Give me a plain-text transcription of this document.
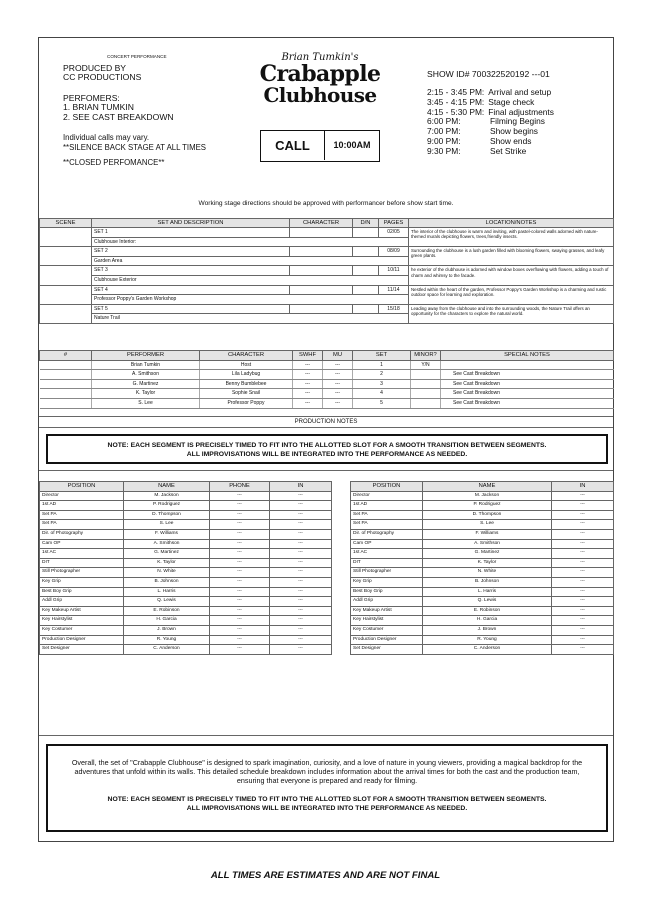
CONCERT PERFORMANCE
PRODUCED BY
CC PRODUCTIONS
PERFOMERS:
1. BRIAN TUMKIN
2. SEE CAST BREAKDOWN
Individual calls may vary.
**SILENCE BACK STAGE AT ALL TIMES
**CLOSED PERFOMANCE**
Brian Tumkin's
Crabapple
Clubhouse
CALL	10:00AM
SHOW ID# 700322520192 ---01
2:15 - 3:45 PM: Arrival and setup
3:45 - 4:15 PM: Stage check
4:15 - 5:30 PM: Final adjustments
6:00 PM:	Filming Begins
7:00 PM:	Show begins
9:00 PM:	Show ends
9:30 PM:	Set Strike
Working stage directions should be approved with performancer before show start time.
SCENE	SET AND DESCRIPTION	CHARACTER	D/N	PAGES	LOCATION/NOTES
	SET 1			02/05	The interior of the clubhouse is warm and inviting, with pastel-colored walls adorned with nature-themed murals depicting flowers, trees,friendly insects.
	Clubhouse Interior:				
	SET 2			08/09	Surrounding the clubhouse is a lush garden filled with blooming flowers, swaying grasses, and leafy green plants.
	Garden Area				
	SET 3			10/11	he exterior of the clubhouse is adorned with window boxes overflowing with flowers, adding a touch of charm and whimsy to the facade.
	Clubhouse Exterior				
	SET 4			11/14	Nestled within the heart of the garden, Professor Poppy's Garden Workshop is a charming and rustic outdoor space for learning and exploration.
	Professor Poppy's Garden Workshop				
	SET 5			15/18	Leading away from the clubhouse and into the surrounding woods, the Nature Trail offers an opportunity for the characters to explore the natural world.
	Nature Trail				
#	PERFORMER	CHARACTER	SWHF	MU	SET	MINOR?	SPECIAL NOTES
	Brian Tumkin	Host	---	---	1	Y/N	
	A. Smithson	Lila Ladybug	---	---	2		See Cast Breakdown
	G. Martinez	Benny Bumblebee	---	---	3		See Cast Breakdown
	K. Taylor	Sophie Snail	---	---	4		See Cast Breakdown
	S. Lee	Professor Poppy	---	---	5		See Cast Breakdown
PRODUCTION NOTES
NOTE: EACH SEGMENT IS PRECISELY TIMED TO FIT INTO THE ALLOTTED SLOT FOR A SMOOTH TRANSITION BETWEEN SEGMENTS.
ALL IMPROVISATIONS WILL BE INTEGRATED INTO THE PERFORMANCE AS NEEDED.
POSITION	NAME	PHONE	IN
Director	M. Jackson	---	---
1st AD	P. Rodriguez	---	---
Set PA	D. Thompson	---	---
Set PA	S. Lee	---	---
Dir. of Photography	F. Williams	---	---
Cam OP	A. Smithson	---	---
1st AC	G. Martinez	---	---
DIT	K. Taylor	---	---
Still Photographer	N. White	---	---
Key Grip	B. Johnson	---	---
Best Boy Grip	L. Harris	---	---
Addl Grip	Q. Lewis	---	---
Key Makeup Artist	E. Robinson	---	---
Key Hairstylist	H. Garcia	---	---
Key Costumer	J. Brown	---	---
Production Designer	R. Young	---	---
Set Designer	C. Anderson	---	---
POSITION	NAME	IN
Director	M. Jackson	---
1st AD	P. Rodriguez	---
Set PA	D. Thompson	---
Set PA	S. Lee	---
Dir. of Photography	F. Williams	---
Cam OP	A. Smithson	---
1st AC	G. Martinez	---
DIT	K. Taylor	---
Still Photographer	N. White	---
Key Grip	B. Johnson	---
Best Boy Grip	L. Harris	---
Addl Grip	Q. Lewis	---
Key Makeup Artist	E. Robinson	---
Key Hairstylist	H. Garcia	---
Key Costumer	J. Brown	---
Production Designer	R. Young	---
Set Designer	C. Anderson	---
Overall, the set of "Crabapple Clubhouse" is designed to spark imagination, curiosity, and a love of nature in young viewers, providing a magical backdrop for the adventures that unfold within its walls. This detailed schedule breakdown includes information about the arrival times for both the cast and the production team, ensuring that everyone is prepared and ready for filming.
NOTE: EACH SEGMENT IS PRECISELY TIMED TO FIT INTO THE ALLOTTED SLOT FOR A SMOOTH TRANSITION BETWEEN SEGMENTS.
ALL IMPROVISATIONS WILL BE INTEGRATED INTO THE PERFORMANCE AS NEEDED.
ALL TIMES ARE ESTIMATES AND ARE NOT FINAL
